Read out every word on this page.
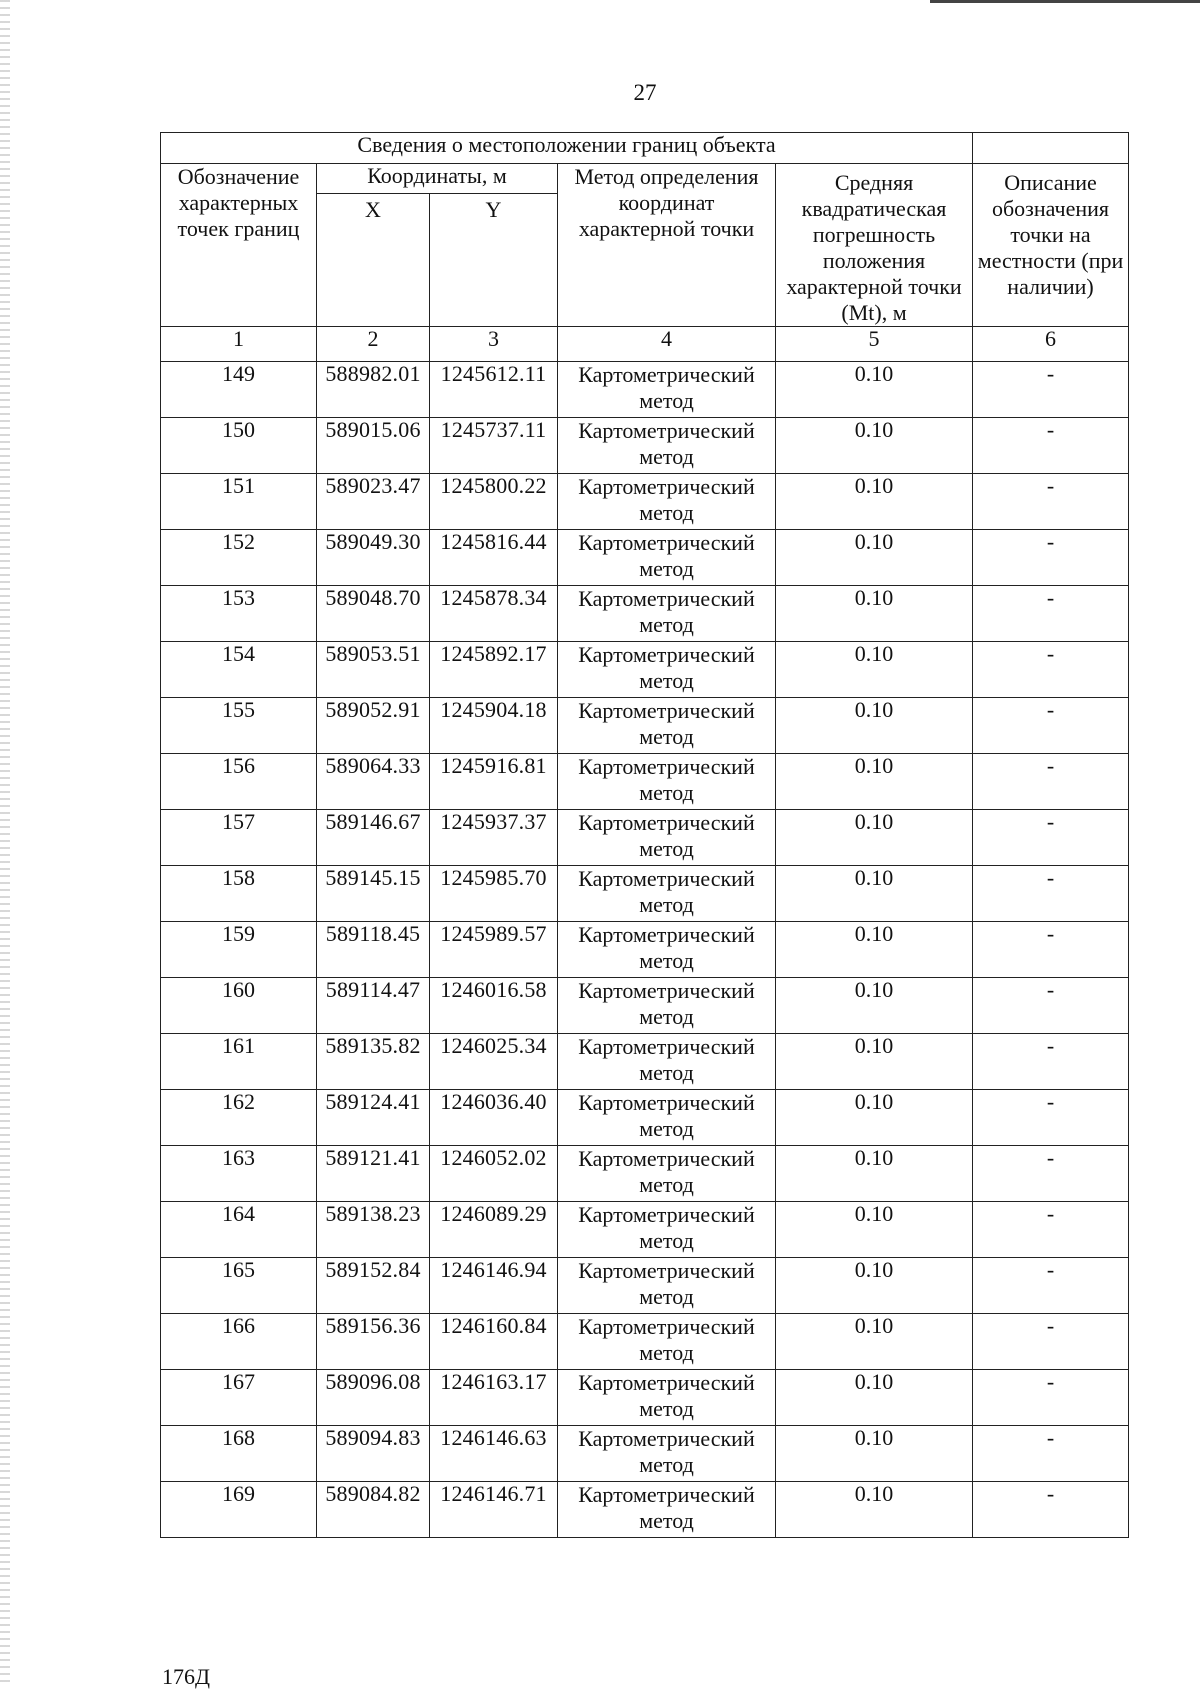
27
Сведения о местоположении границ объекта					
Обозначение характерных точек границ	Координаты, м		Метод определения координат характерной точки	Средняя квадратическая погрешность положения характерной точки (Mt), м	Описание обозначения точки на местности (при наличии)
	X	Y			
1	2	3	4	5	6
149	588982.01	1245612.11	Картометрический метод	0.10	-
150	589015.06	1245737.11	Картометрический метод	0.10	-
151	589023.47	1245800.22	Картометрический метод	0.10	-
152	589049.30	1245816.44	Картометрический метод	0.10	-
153	589048.70	1245878.34	Картометрический метод	0.10	-
154	589053.51	1245892.17	Картометрический метод	0.10	-
155	589052.91	1245904.18	Картометрический метод	0.10	-
156	589064.33	1245916.81	Картометрический метод	0.10	-
157	589146.67	1245937.37	Картометрический метод	0.10	-
158	589145.15	1245985.70	Картометрический метод	0.10	-
159	589118.45	1245989.57	Картометрический метод	0.10	-
160	589114.47	1246016.58	Картометрический метод	0.10	-
161	589135.82	1246025.34	Картометрический метод	0.10	-
162	589124.41	1246036.40	Картометрический метод	0.10	-
163	589121.41	1246052.02	Картометрический метод	0.10	-
164	589138.23	1246089.29	Картометрический метод	0.10	-
165	589152.84	1246146.94	Картометрический метод	0.10	-
166	589156.36	1246160.84	Картометрический метод	0.10	-
167	589096.08	1246163.17	Картометрический метод	0.10	-
168	589094.83	1246146.63	Картометрический метод	0.10	-
169	589084.82	1246146.71	Картометрический метод	0.10	-
176Д
